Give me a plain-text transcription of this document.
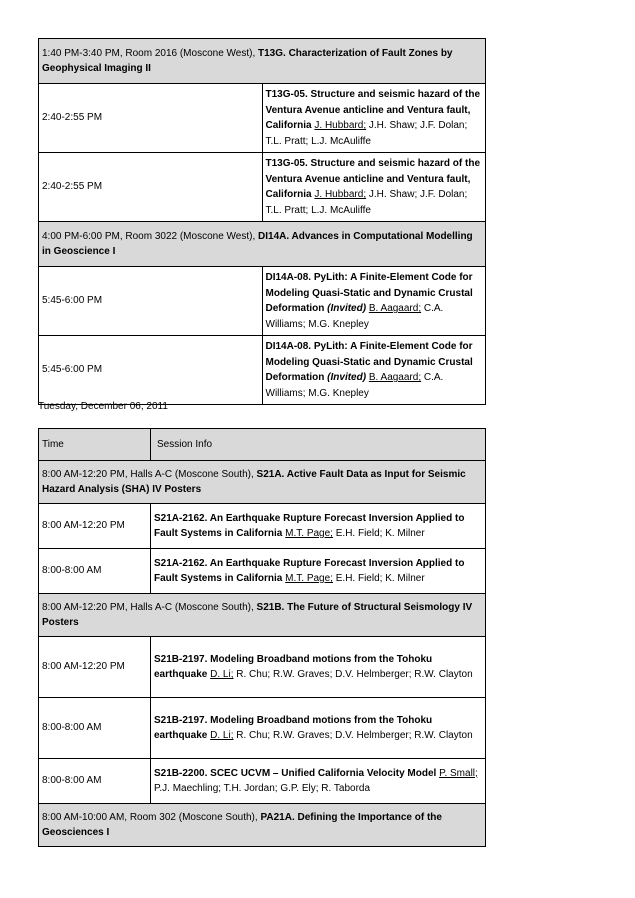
1:40 PM-3:40 PM, Room 2016 (Moscone West), T13G. Characterization of Fault Zones by Geophysical Imaging II	
2:40-2:55 PM	T13G-05. Structure and seismic hazard of the Ventura Avenue anticline and Ventura fault, California J. Hubbard; J.H. Shaw; J.F. Dolan; T.L. Pratt; L.J. McAuliffe
2:40-2:55 PM	T13G-05. Structure and seismic hazard of the Ventura Avenue anticline and Ventura fault, California J. Hubbard; J.H. Shaw; J.F. Dolan; T.L. Pratt; L.J. McAuliffe
4:00 PM-6:00 PM, Room 3022 (Moscone West), DI14A. Advances in Computational Modelling in Geoscience I	
5:45-6:00 PM	DI14A-08. PyLith: A Finite-Element Code for Modeling Quasi-Static and Dynamic Crustal Deformation (Invited) B. Aagaard; C.A. Williams; M.G. Knepley
5:45-6:00 PM	DI14A-08. PyLith: A Finite-Element Code for Modeling Quasi-Static and Dynamic Crustal Deformation (Invited) B. Aagaard; C.A. Williams; M.G. Knepley
Tuesday, December 06, 2011
Time	Session Info
8:00 AM-12:20 PM, Halls A-C (Moscone South), S21A. Active Fault Data as Input for Seismic Hazard Analysis (SHA) IV Posters	
8:00 AM-12:20 PM	S21A-2162. An Earthquake Rupture Forecast Inversion Applied to Fault Systems in California M.T. Page; E.H. Field; K. Milner
8:00-8:00 AM	S21A-2162. An Earthquake Rupture Forecast Inversion Applied to Fault Systems in California M.T. Page; E.H. Field; K. Milner
8:00 AM-12:20 PM, Halls A-C (Moscone South), S21B. The Future of Structural Seismology IV Posters	
8:00 AM-12:20 PM	S21B-2197. Modeling Broadband motions from the Tohoku earthquake D. Li; R. Chu; R.W. Graves; D.V. Helmberger; R.W. Clayton
8:00-8:00 AM	S21B-2197. Modeling Broadband motions from the Tohoku earthquake D. Li; R. Chu; R.W. Graves; D.V. Helmberger; R.W. Clayton
8:00-8:00 AM	S21B-2200. SCEC UCVM – Unified California Velocity Model P. Small; P.J. Maechling; T.H. Jordan; G.P. Ely; R. Taborda
8:00 AM-10:00 AM, Room 302 (Moscone South), PA21A. Defining the Importance of the Geosciences I	
